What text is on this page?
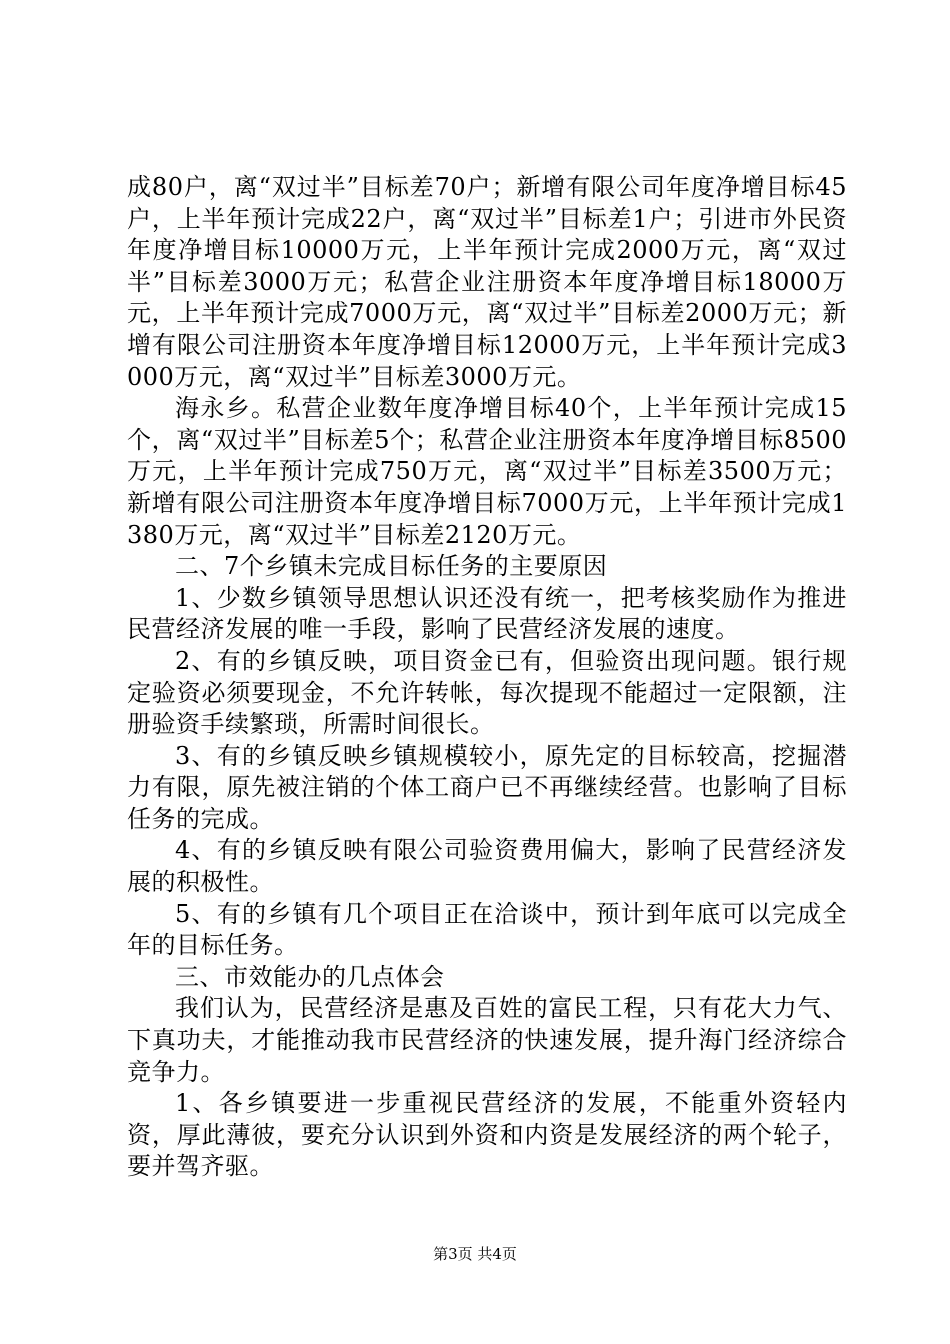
成80户，离“双过半”目标差70户；新增有限公司年度净增目标45户，上半年预计完成22户，离“双过半”目标差1户；引进市外民资年度净增目标10000万元，上半年预计完成2000万元，离“双过半”目标差3000万元；私营企业注册资本年度净增目标18000万元，上半年预计完成7000万元，离“双过半”目标差2000万元；新增有限公司注册资本年度净增目标12000万元，上半年预计完成3000万元，离“双过半”目标差3000万元。

海永乡。私营企业数年度净增目标40个，上半年预计完成15个，离“双过半”目标差5个；私营企业注册资本年度净增目标8500万元，上半年预计完成750万元，离“双过半”目标差3500万元；新增有限公司注册资本年度净增目标7000万元，上半年预计完成1380万元，离“双过半”目标差2120万元。

二、7个乡镇未完成目标任务的主要原因

1、少数乡镇领导思想认识还没有统一，把考核奖励作为推进民营经济发展的唯一手段，影响了民营经济发展的速度。

2、有的乡镇反映，项目资金已有，但验资出现问题。银行规定验资必须要现金，不允许转帐，每次提现不能超过一定限额，注册验资手续繁琐，所需时间很长。

3、有的乡镇反映乡镇规模较小，原先定的目标较高，挖掘潜力有限，原先被注销的个体工商户已不再继续经营。也影响了目标任务的完成。

4、有的乡镇反映有限公司验资费用偏大，影响了民营经济发展的积极性。

5、有的乡镇有几个项目正在洽谈中，预计到年底可以完成全年的目标任务。

三、市效能办的几点体会

我们认为，民营经济是惠及百姓的富民工程，只有花大力气、下真功夫，才能推动我市民营经济的快速发展，提升海门经济综合竞争力。

1、各乡镇要进一步重视民营经济的发展，不能重外资轻内资，厚此薄彼，要充分认识到外资和内资是发展经济的两个轮子，要并驾齐驱。

第3页 共4页
